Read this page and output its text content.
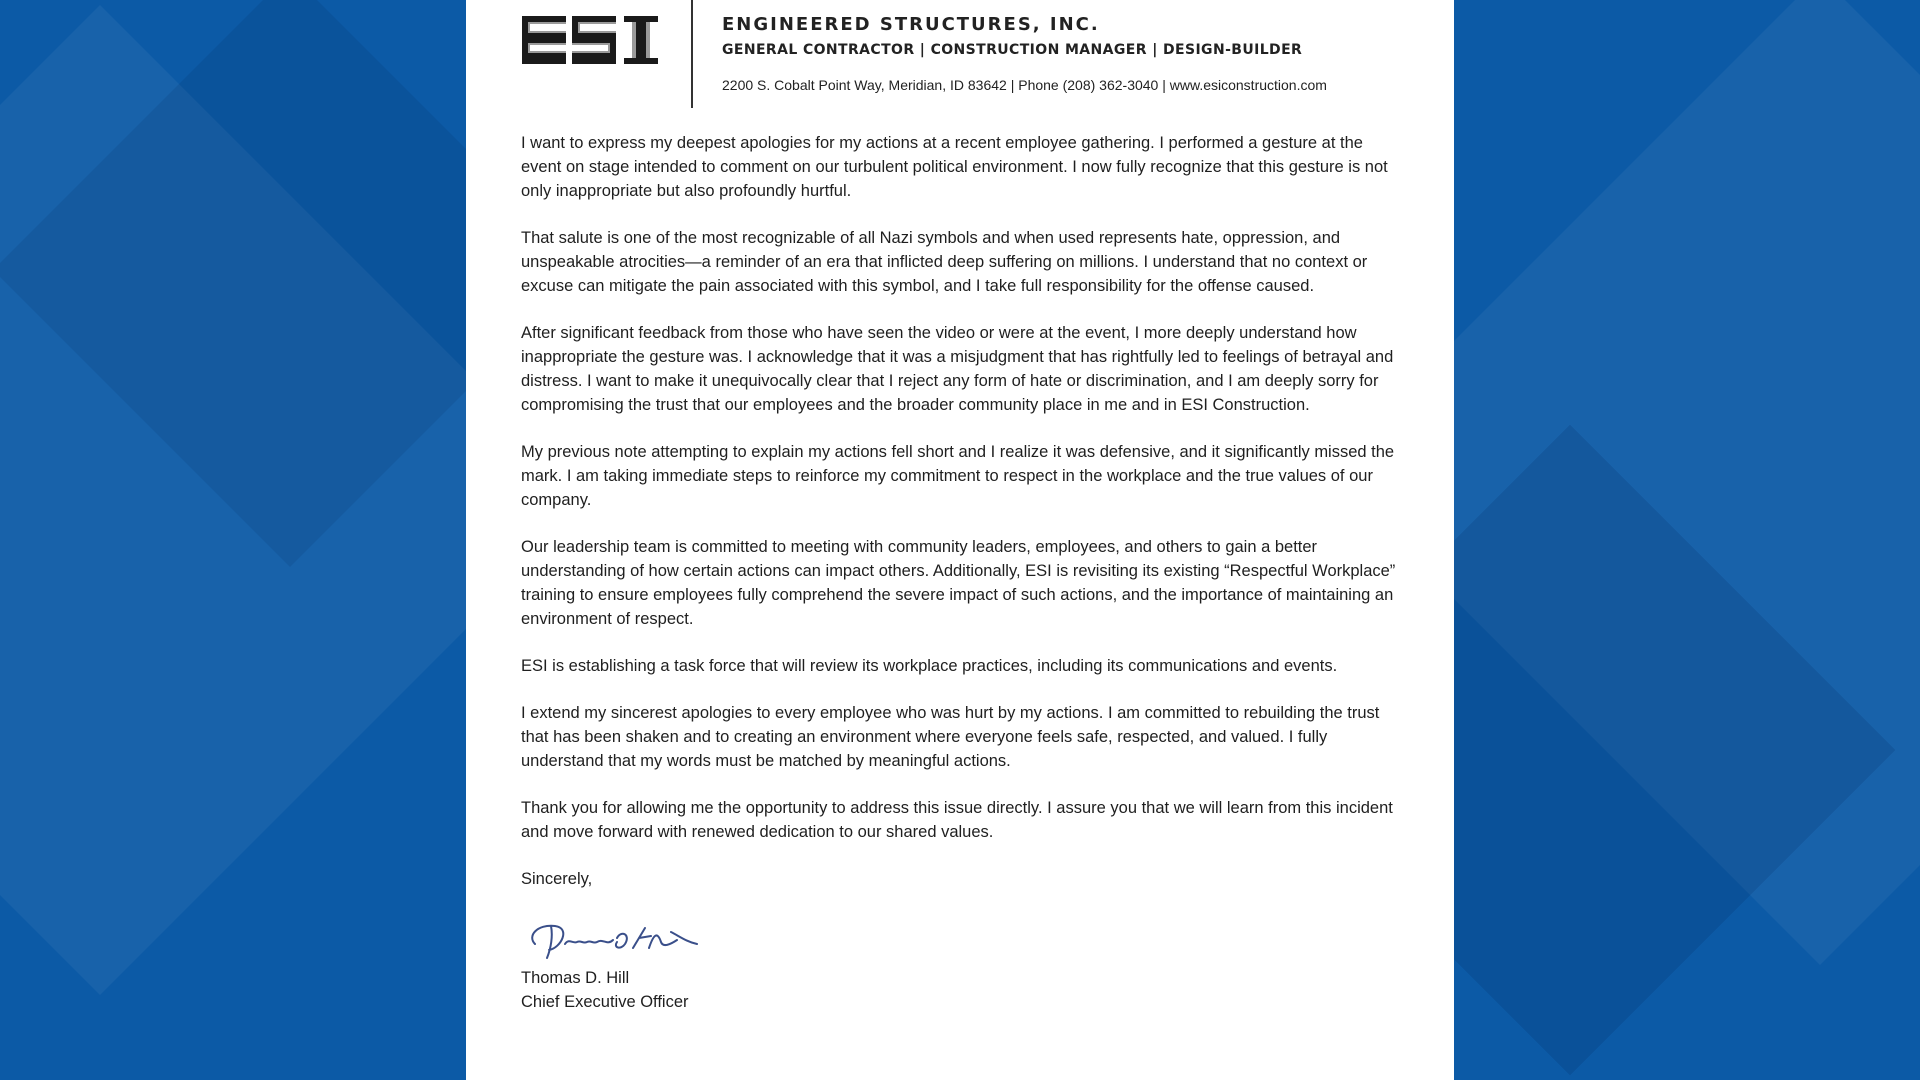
ENGINEERED STRUCTURES, INC.
GENERAL CONTRACTOR | CONSTRUCTION MANAGER | DESIGN-BUILDER
2200 S. Cobalt Point Way, Meridian, ID 83642 | Phone (208) 362-3040 | www.esiconstruction.com

I want to express my deepest apologies for my actions at a recent employee gathering. I performed a gesture at the event on stage intended to comment on our turbulent political environment. I now fully recognize that this gesture is not only inappropriate but also profoundly hurtful.

That salute is one of the most recognizable of all Nazi symbols and when used represents hate, oppression, and unspeakable atrocities—a reminder of an era that inflicted deep suffering on millions. I understand that no context or excuse can mitigate the pain associated with this symbol, and I take full responsibility for the offense caused.

After significant feedback from those who have seen the video or were at the event, I more deeply understand how inappropriate the gesture was. I acknowledge that it was a misjudgment that has rightfully led to feelings of betrayal and distress. I want to make it unequivocally clear that I reject any form of hate or discrimination, and I am deeply sorry for compromising the trust that our employees and the broader community place in me and in ESI Construction.

My previous note attempting to explain my actions fell short and I realize it was defensive, and it significantly missed the mark. I am taking immediate steps to reinforce my commitment to respect in the workplace and the true values of our company.

Our leadership team is committed to meeting with community leaders, employees, and others to gain a better understanding of how certain actions can impact others. Additionally, ESI is revisiting its existing “Respectful Workplace” training to ensure employees fully comprehend the severe impact of such actions, and the importance of maintaining an environment of respect.

ESI is establishing a task force that will review its workplace practices, including its communications and events.

I extend my sincerest apologies to every employee who was hurt by my actions. I am committed to rebuilding the trust that has been shaken and to creating an environment where everyone feels safe, respected, and valued. I fully understand that my words must be matched by meaningful actions.

Thank you for allowing me the opportunity to address this issue directly. I assure you that we will learn from this incident and move forward with renewed dedication to our shared values.

Sincerely,

Thomas D. Hill
Chief Executive Officer
